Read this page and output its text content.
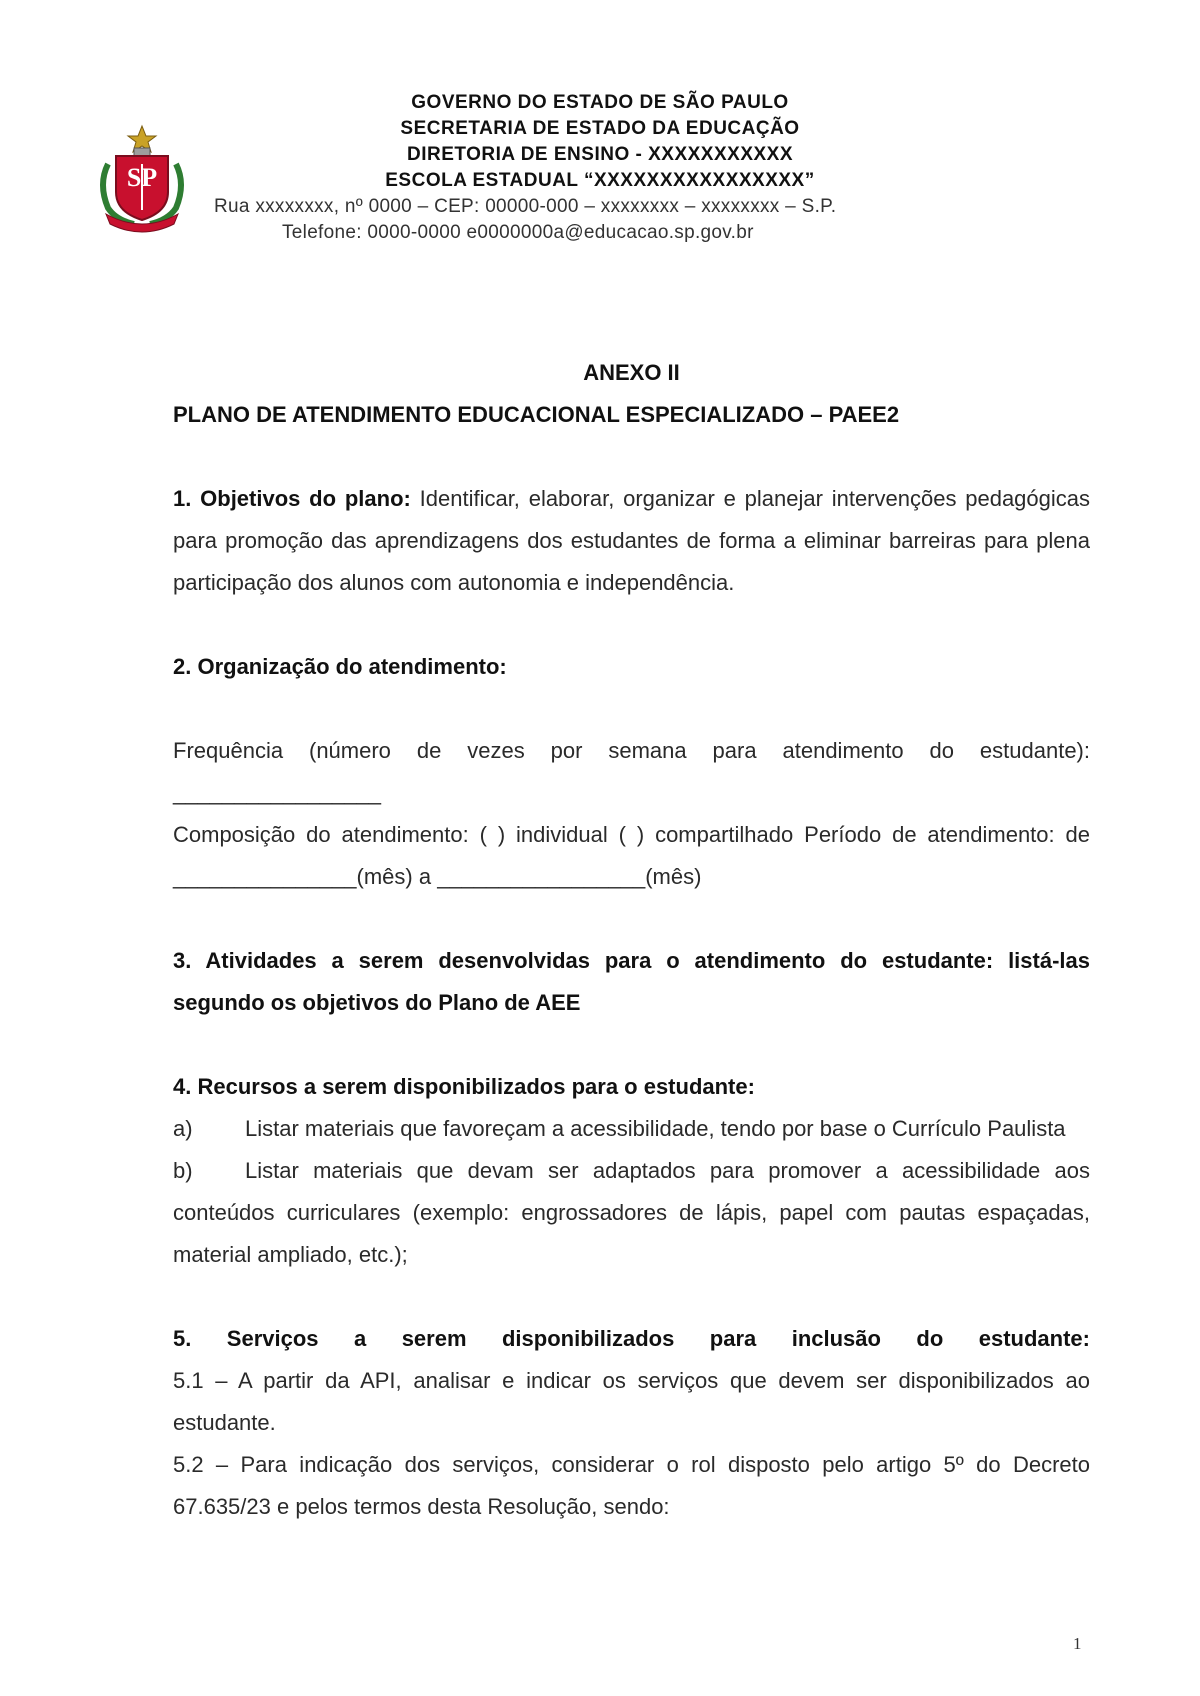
SP
GOVERNO DO ESTADO DE SÃO PAULO
SECRETARIA DE ESTADO DA EDUCAÇÃO
DIRETORIA DE ENSINO - XXXXXXXXXXX
ESCOLA ESTADUAL “XXXXXXXXXXXXXXXX”
Rua xxxxxxxx, nº 0000 – CEP: 00000-000 – xxxxxxxx – xxxxxxxx – S.P.
Telefone: 0000-0000 e0000000a@educacao.sp.gov.br

ANEXO II

PLANO DE ATENDIMENTO EDUCACIONAL ESPECIALIZADO – PAEE2

1. Objetivos do plano: Identificar, elaborar, organizar e planejar intervenções pedagógicas para promoção das aprendizagens dos estudantes de forma a eliminar barreiras para plena participação dos alunos com autonomia e independência.

2. Organização do atendimento:

Frequência (número de vezes por semana para atendimento do estudante): _________________

Composição do atendimento: ( ) individual ( ) compartilhado Período de atendimento: de _______________(mês) a _________________(mês)

3. Atividades a serem desenvolvidas para o atendimento do estudante: listá-las segundo os objetivos do Plano de AEE

4. Recursos a serem disponibilizados para o estudante:

a) Listar materiais que favoreçam a acessibilidade, tendo por base o Currículo Paulista

b) Listar materiais que devam ser adaptados para promover a acessibilidade aos conteúdos curriculares (exemplo: engrossadores de lápis, papel com pautas espaçadas, material ampliado, etc.);

5. Serviços a serem disponibilizados para inclusão do estudante:

5.1 – A partir da API, analisar e indicar os serviços que devem ser disponibilizados ao estudante.

5.2 – Para indicação dos serviços, considerar o rol disposto pelo artigo 5º do Decreto 67.635/23 e pelos termos desta Resolução, sendo:

1
